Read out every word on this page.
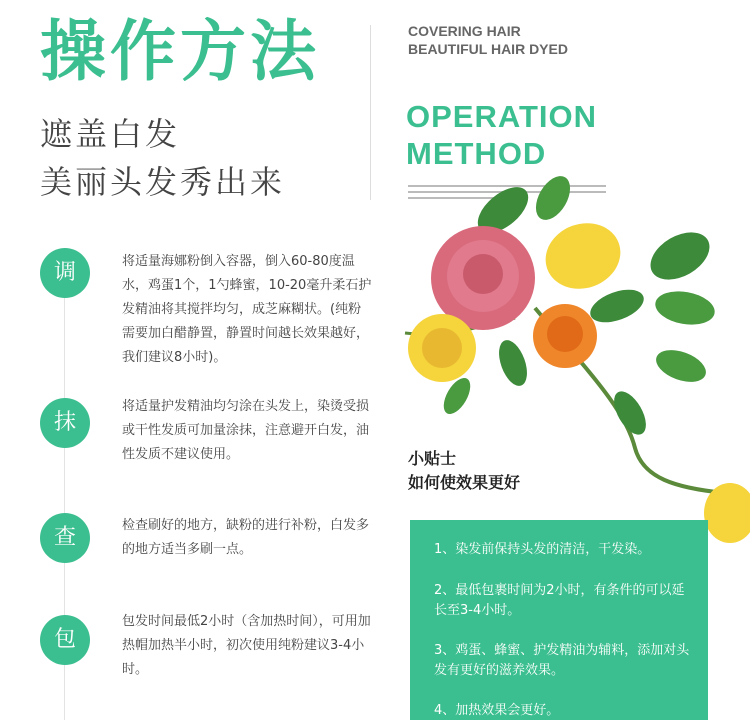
操作方法
遮盖白发
美丽头发秀出来
COVERING HAIR
BEAUTIFUL HAIR DYED
OPERATION
METHOD
调	将适量海娜粉倒入容器，倒入60-80度温水，鸡蛋1个，1勺蜂蜜，10-20毫升柔石护发精油将其搅拌均匀，成芝麻糊状。(纯粉需要加白醋静置，静置时间越长效果越好，我们建议8小时)。
抹
将适量护发精油均匀涂在头发上，染烫受损或干性发质可加量涂抹，注意避开白发，油性发质不建议使用。
查	检查刷好的地方，缺粉的进行补粉，白发多的地方适当多刷一点。
包
包发时间最低2小时（含加热时间），可用加热帽加热半小时，初次使用纯粉建议3-4小时。
小贴士
如何使效果更好
1、染发前保持头发的清洁，干发染。
2、最低包裹时间为2小时，有条件的可以延长至3-4小时。
3、鸡蛋、蜂蜜、护发精油为辅料，添加对头发有更好的滋养效果。
4、加热效果会更好。
